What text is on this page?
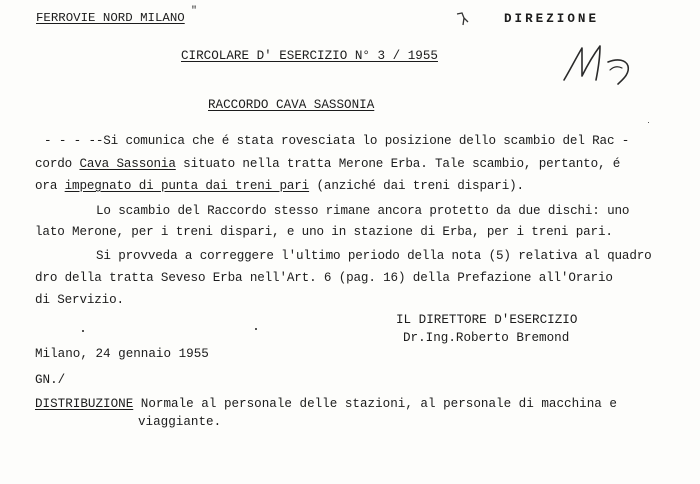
FERROVIE NORD MILANO "
DIREZIONE
CIRCOLARE D' ESERCIZIO N° 3 / 1955
RACCORDO CAVA SASSONIA
- - - --Si comunica che é stata rovesciata lo posizione dello scambio del Rac -
cordo Cava Sassonia situato nella tratta Merone Erba. Tale scambio, pertanto, é
ora impegnato di punta dai treni pari (anziché dai treni dispari).
Lo scambio del Raccordo stesso rimane ancora protetto da due dischi: uno
lato Merone, per i treni dispari, e uno in stazione di Erba, per i treni pari.
Si provveda a correggere l'ultimo periodo della nota (5) relativa al quadro
dro della tratta Seveso Erba nell'Art. 6 (pag. 16) della Prefazione all'Orario
di Servizio.
IL DIRETTORE D'ESERCIZIO
Dr.Ing.Roberto Bremond
Milano, 24 gennaio 1955
GN./
DISTRIBUZIONE Normale al personale delle stazioni, al personale di macchina e
viaggiante.
